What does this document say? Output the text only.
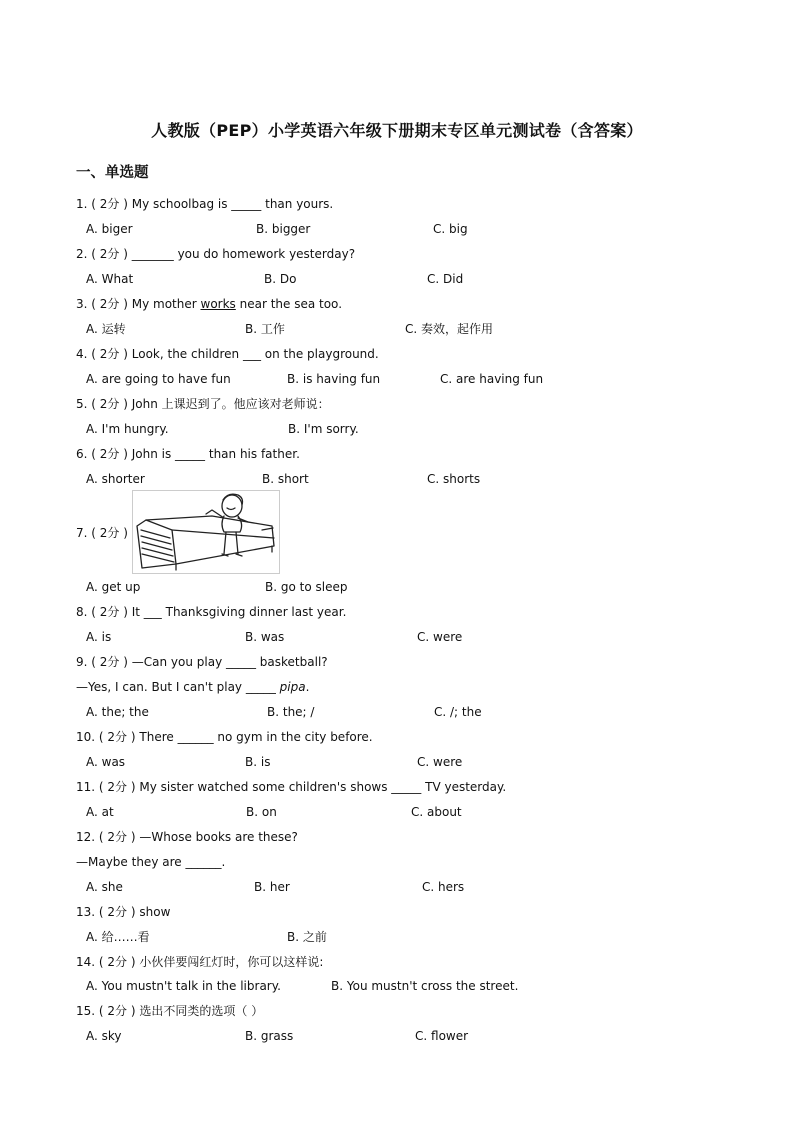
人教版（PEP）小学英语六年级下册期末专区单元测试卷（含答案）
一、单选题
1. ( 2分 ) My schoolbag is _____ than yours.
A. biger	B. bigger	C. big
2. ( 2分 ) _______ you do homework yesterday?
A. What	B. Do	C. Did
3. ( 2分 ) My mother works near the sea too.
A. 运转	B. 工作	C. 奏效，起作用
4. ( 2分 ) Look, the children ___ on the playground.
A. are going to have fun	B. is having fun	C. are having fun
5. ( 2分 ) John 上课迟到了。他应该对老师说：
A. I'm hungry.	B. I'm sorry.
6. ( 2分 ) John is _____ than his father.
A. shorter	B. short	C. shorts
7. ( 2分 )
A. get up	B. go to sleep
8. ( 2分 ) It ___ Thanksgiving dinner last year.
A. is	B. was	C. were
9. ( 2分 ) —Can you play _____ basketball?
—Yes, I can. But I can't play _____ pipa.
A. the; the	B. the; /	C. /; the
10. ( 2分 ) There ______ no gym in the city before.
A. was	B. is	C. were
11. ( 2分 ) My sister watched some children's shows _____ TV yesterday.
A. at	B. on	C. about
12. ( 2分 ) —Whose books are these?
—Maybe they are ______.
A. she	B. her	C. hers
13. ( 2分 ) show
A. 给……看	B. 之前
14. ( 2分 ) 小伙伴要闯红灯时，你可以这样说:
A. You mustn't talk in the library.	B. You mustn't cross the street.
15. ( 2分 ) 选出不同类的选项（ ）
A. sky	B. grass	C. flower
